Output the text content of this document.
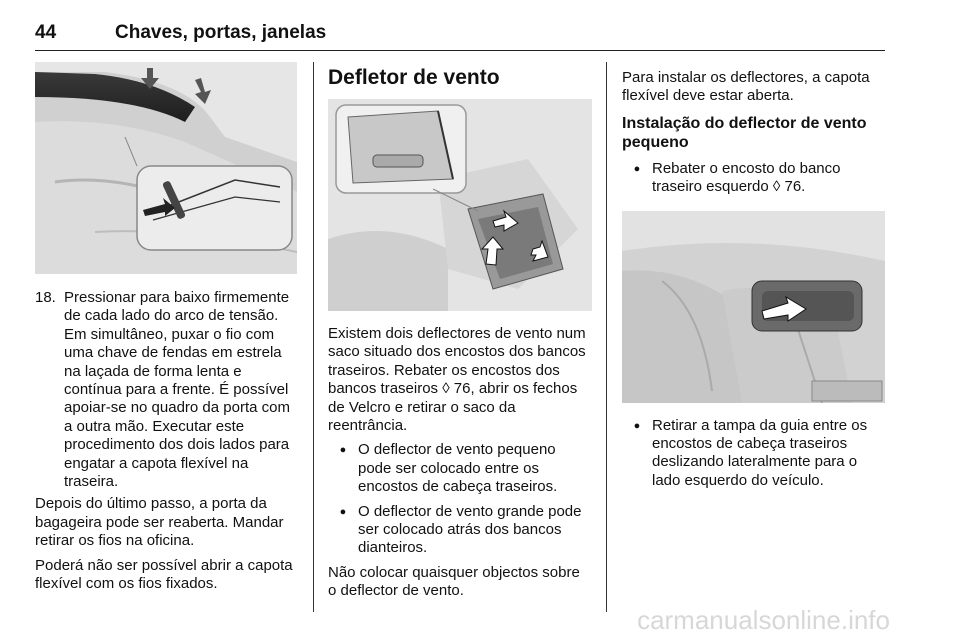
44	Chaves, portas, janelas
18. Pressionar para baixo firmemente de cada lado do arco de tensão. Em simultâneo, puxar o fio com uma chave de fendas em estrela na laçada de forma lenta e contínua para a frente. É possível apoiar-se no quadro da porta com a outra mão. Executar este procedimento dos dois lados para engatar a capota flexível na traseira.

Depois do último passo, a porta da bagageira pode ser reaberta. Mandar retirar os fios na oficina.

Poderá não ser possível abrir a capota flexível com os fios fixados.

Defletor de vento

Existem dois deflectores de vento num saco situado dos encostos dos bancos traseiros. Rebater os encostos dos bancos traseiros ◊ 76, abrir os fechos de Velcro e retirar o saco da reentrância.

● O deflector de vento pequeno pode ser colocado entre os encostos de cabeça traseiros.
● O deflector de vento grande pode ser colocado atrás dos bancos dianteiros.

Não colocar quaisquer objectos sobre o deflector de vento.

Para instalar os deflectores, a capota flexível deve estar aberta.

Instalação do deflector de vento pequeno
● Rebater o encosto do banco traseiro esquerdo ◊ 76.
● Retirar a tampa da guia entre os encostos de cabeça traseiros deslizando lateralmente para o lado esquerdo do veículo.
carmanualsonline.info
